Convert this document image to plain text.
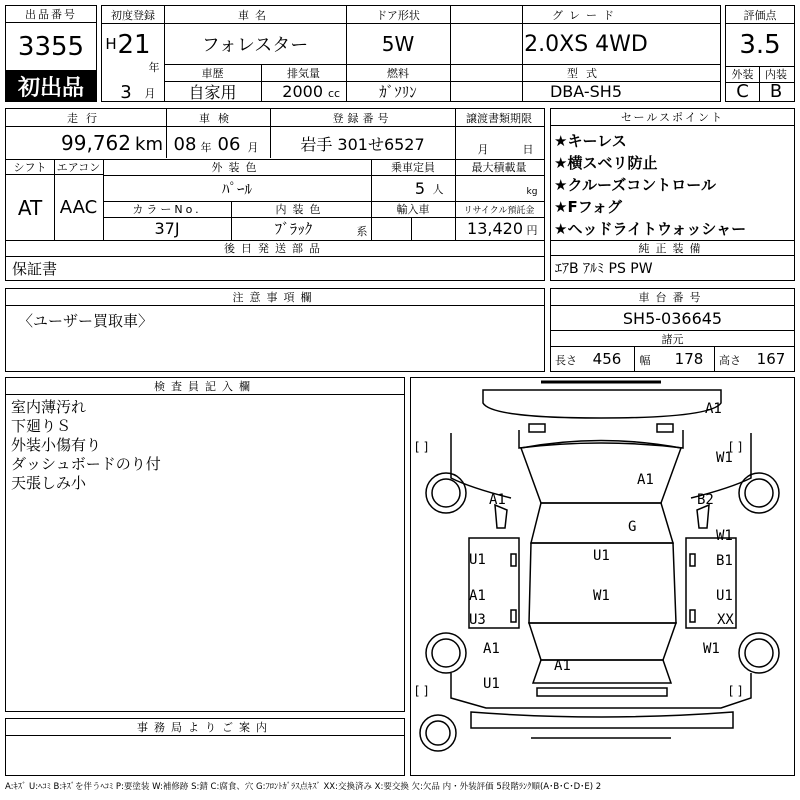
出品番号
3355
初出品
初度登録	車名	ドア形状	グレード
H 21
年
3	月
フォレスター	5W	2.0XS 4WD
車歴	排気量	燃料	型式
自家用	2000 cc	ｶﾞｿﾘﾝ	DBA-SH5
評価点
3.5
外装	内装
C	B
走行	車検	登録番号	譲渡書類期限
99,762 km 08 年 06 月	岩手 301せ6527	月	日
シフト エアコン
AT AAC
外装色	乗車定員	最大積載量
ﾊﾟｰﾙ	5 人	kg
カラーNo.	内装色	輸入車	リサイクル預託金
37J	ﾌﾞﾗｯｸ	系	13,420 円
後日発送部品
保証書
セールスポイント
★キーレス
★横スベリ防止
★クルーズコントロール
★Fフォグ
★ヘッドライトウォッシャー
純正装備
ｴｱB ｱﾙﾐ PS PW
注意事項欄
〈ユーザー買取車〉
車台番号
SH5-036645
諸元
長さ	456	幅	178	高さ	167
検査員記入欄
室内薄汚れ
下廻りＳ
外装小傷有り
ダッシュボードのり付
天張しみ小
事務局よりご案内
[ ]	[ ]
[ ]	[ ]
A1
W1
A1
A1	B2
G
W1
U1	U1	B1
W1
A1	U1
U3	XX
A1	W1
A1
U1
A:ｷｽﾞ U:ﾍｺﾐ B:ｷｽﾞを伴うﾍｺﾐ P:要塗装 W:補修跡 S:錆 C:腐食、穴 G:ﾌﾛﾝﾄｶﾞﾗｽ点ｷｽﾞ XX:交換済み X:要交換 欠:欠品 内・外装評価 5段階ﾗﾝｸ順(A･B･C･D･E) 2
